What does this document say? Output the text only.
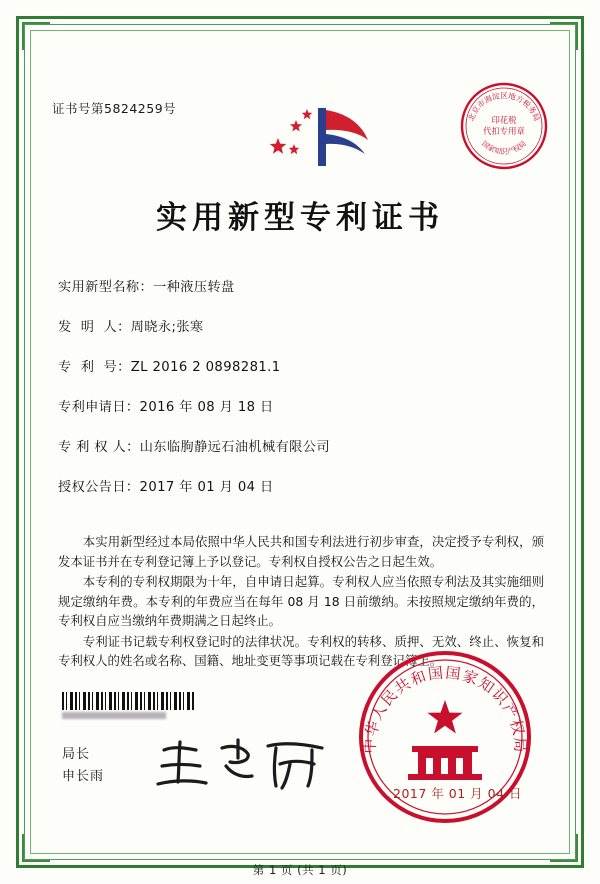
证书号第5824259号
北京市海淀区地方税务局
国家知识产权局
印花税
代扣专用章
实用新型专利证书
实用新型名称： 一种液压转盘
发  明  人： 周晓永;张寒
专  利  号： ZL 2016 2 0898281.1
专利申请日： 2016 年 08 月 18 日
专 利 权 人： 山东临朐静远石油机械有限公司
授权公告日： 2017 年 01 月 04 日

本实用新型经过本局依照中华人民共和国专利法进行初步审查，决定授予专利权，颁发本证书并在专利登记簿上予以登记。专利权自授权公告之日起生效。

本专利的专利权期限为十年，自申请日起算。专利权人应当依照专利法及其实施细则规定缴纳年费。本专利的年费应当在每年 08 月 18 日前缴纳。未按照规定缴纳年费的，专利权自应当缴纳年费期满之日起终止。

专利证书记载专利权登记时的法律状况。专利权的转移、质押、无效、终止、恢复和专利权人的姓名或名称、国籍、地址变更等事项记载在专利登记簿上。

中华人民共和国国家知识产权局
2017 年 01 月 04 日
局长
申长雨
第 1 页 (共 1 页)
